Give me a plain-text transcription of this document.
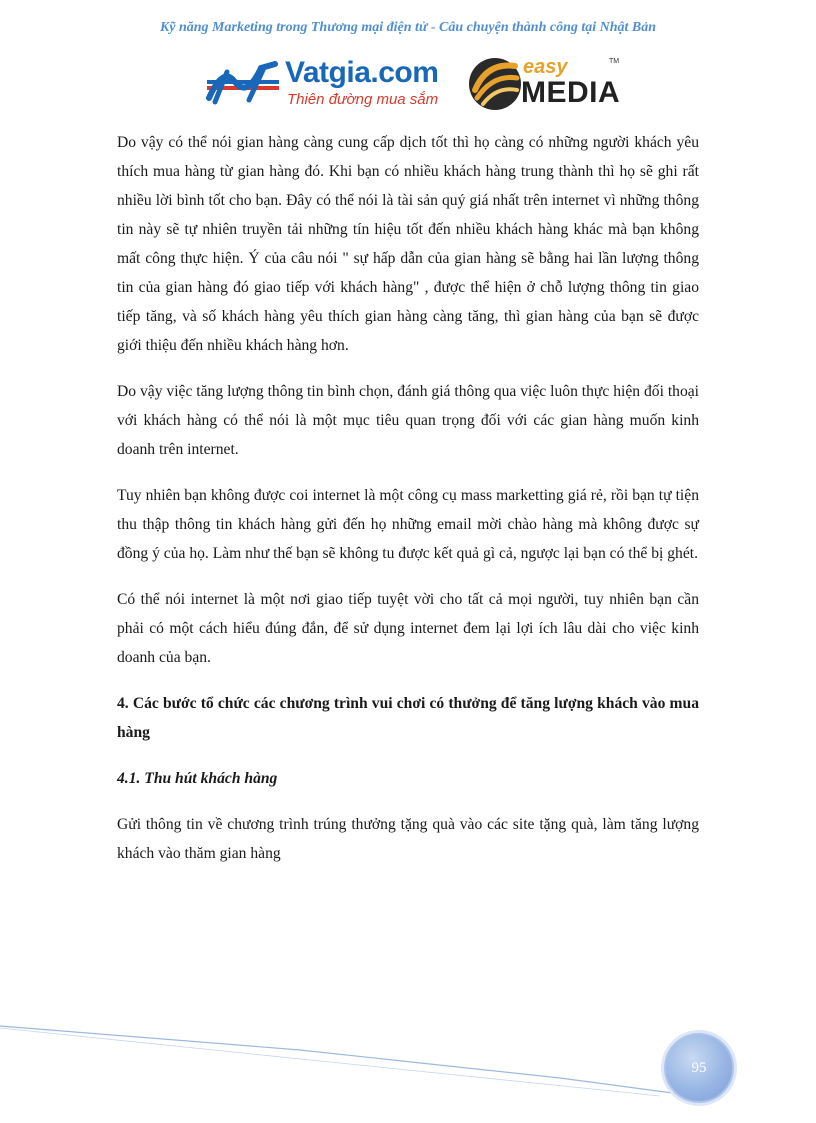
Kỹ năng Marketing trong Thương mại điện tử - Câu chuyện thành công tại Nhật Bản
Vatgia.com
Thiên đường mua sắm
easy	TM
MEDIA

Do vậy có thể nói gian hàng càng cung cấp dịch tốt thì họ càng có những người khách yêu thích mua hàng từ gian hàng đó. Khi bạn có nhiều khách hàng trung thành thì họ sẽ ghi rất nhiều lời bình tốt cho bạn. Đây có thể nói là tài sản quý giá nhất trên internet vì những thông tin này sẽ tự nhiên truyền tải những tín hiệu tốt đến nhiều khách hàng khác mà bạn không mất công thực hiện. Ý của câu nói " sự hấp dẫn của gian hàng sẽ bằng hai lần lượng thông tin của gian hàng đó giao tiếp với khách hàng" , được thể hiện ở chỗ lượng thông tin giao tiếp tăng, và số khách hàng yêu thích gian hàng càng tăng, thì gian hàng của bạn sẽ được giới thiệu đến nhiều khách hàng hơn.

Do vậy việc tăng lượng thông tin bình chọn, đánh giá thông qua việc luôn thực hiện đối thoại với khách hàng có thể nói là một mục tiêu quan trọng đối với các gian hàng muốn kinh doanh trên internet.

Tuy nhiên bạn không được coi internet là một công cụ mass marketting giá rẻ, rồi bạn tự tiện thu thập thông tin khách hàng gửi đến họ những email mời chào hàng mà không được sự đồng ý của họ. Làm như thế bạn sẽ không tu được kết quả gì cả, ngược lại bạn có thể bị ghét.

Có thể nói internet là một nơi giao tiếp tuyệt vời cho tất cả mọi người, tuy nhiên bạn cần phải có một cách hiểu đúng đắn, để sử dụng internet đem lại lợi ích lâu dài cho việc kinh doanh của bạn.

4. Các bước tổ chức các chương trình vui chơi có thưởng để tăng lượng khách vào mua hàng

4.1. Thu hút khách hàng

Gửi thông tin về chương trình trúng thưởng tặng quà vào các site tặng quà, làm tăng lượng khách vào thăm gian hàng

95
